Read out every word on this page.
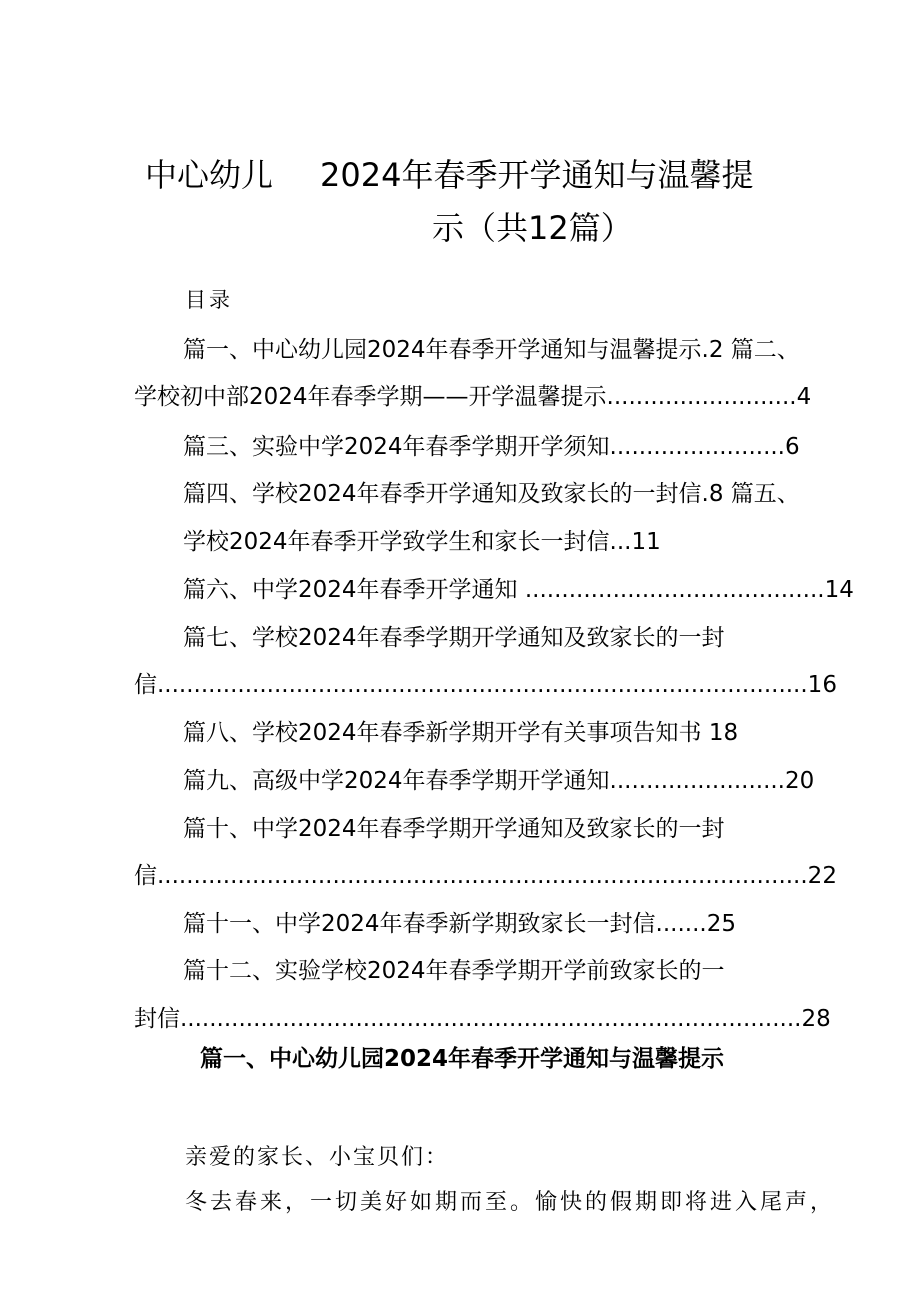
中心幼儿 2024年春季开学通知与温馨提
示（共12篇）
目录
篇一、中心幼儿园2024年春季开学通知与温馨提示.2 篇二、
学校初中部2024年春季学期——开学温馨提示..........................4
篇三、实验中学2024年春季学期开学须知........................6
篇四、学校2024年春季开学通知及致家长的一封信.8 篇五、
学校2024年春季开学致学生和家长一封信...11
篇六、中学2024年春季开学通知 .........................................14
篇七、学校2024年春季学期开学通知及致家长的一封
信.........................................................................................16
篇八、学校2024年春季新学期开学有关事项告知书 18
篇九、高级中学2024年春季学期开学通知........................20
篇十、中学2024年春季学期开学通知及致家长的一封
信.........................................................................................22
篇十一、中学2024年春季新学期致家长一封信.......25
篇十二、实验学校2024年春季学期开学前致家长的一
封信.....................................................................................28
篇一、中心幼儿园2024年春季开学通知与温馨提示
亲爱的家长、小宝贝们：
冬去春来，一切美好如期而至。愉快的假期即将进入尾声，
